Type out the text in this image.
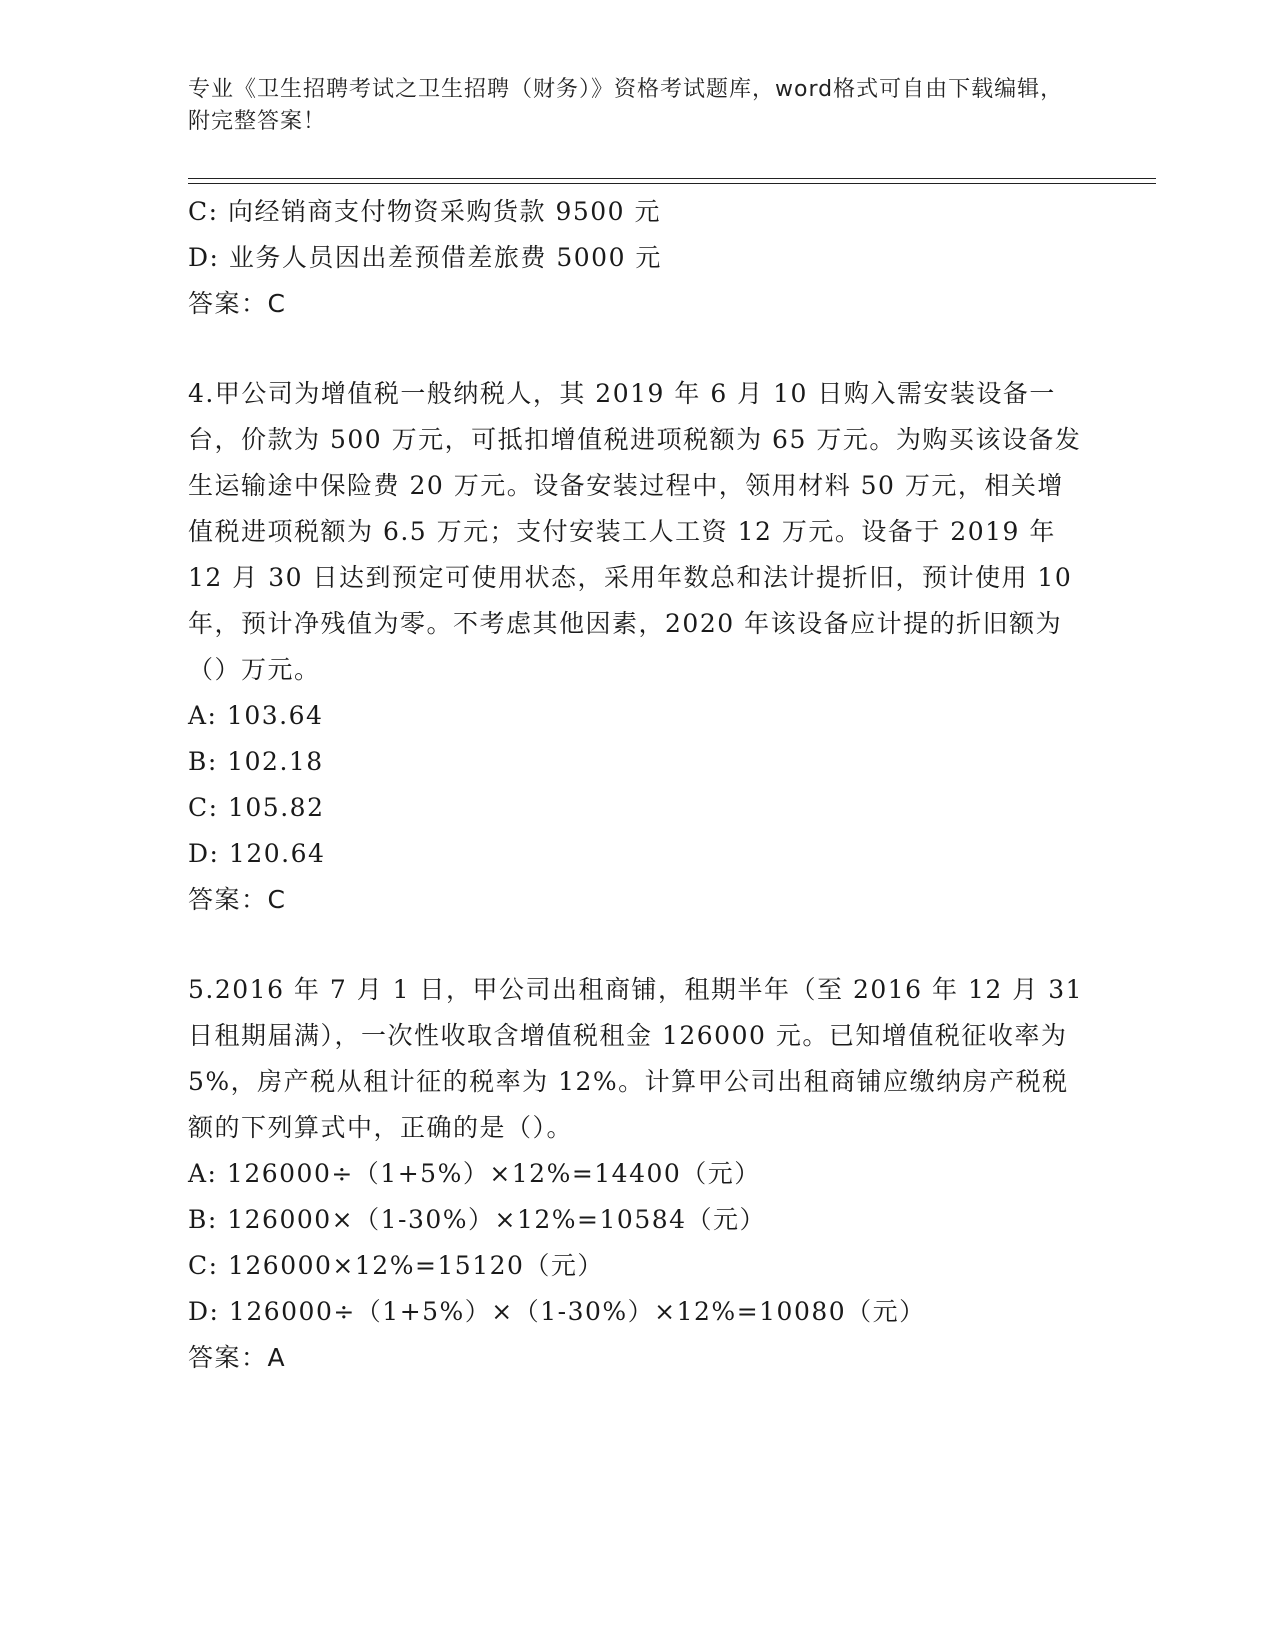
专业《卫生招聘考试之卫生招聘（财务）》资格考试题库，word格式可自由下载编辑，附完整答案！
C: 向经销商支付物资采购货款 9500 元
D: 业务人员因出差预借差旅费 5000 元
答案：C
4.甲公司为增值税一般纳税人，其 2019 年 6 月 10 日购入需安装设备一台，价款为 500 万元，可抵扣增值税进项税额为 65 万元。为购买该设备发生运输途中保险费 20 万元。设备安装过程中，领用材料 50 万元，相关增值税进项税额为 6.5 万元；支付安装工人工资 12 万元。设备于 2019 年 12 月 30 日达到预定可使用状态，采用年数总和法计提折旧，预计使用 10 年，预计净残值为零。不考虑其他因素，2020 年该设备应计提的折旧额为（）万元。
A: 103.64
B: 102.18
C: 105.82
D: 120.64
答案：C
5.2016 年 7 月 1 日，甲公司出租商铺，租期半年（至 2016 年 12 月 31 日租期届满），一次性收取含增值税租金 126000 元。已知增值税征收率为 5%，房产税从租计征的税率为 12%。计算甲公司出租商铺应缴纳房产税税额的下列算式中，正确的是（）。
A: 126000÷（1+5%）×12%=14400（元）
B: 126000×（1-30%）×12%=10584（元）
C: 126000×12%=15120（元）
D: 126000÷（1+5%）×（1-30%）×12%=10080（元）
答案：A
